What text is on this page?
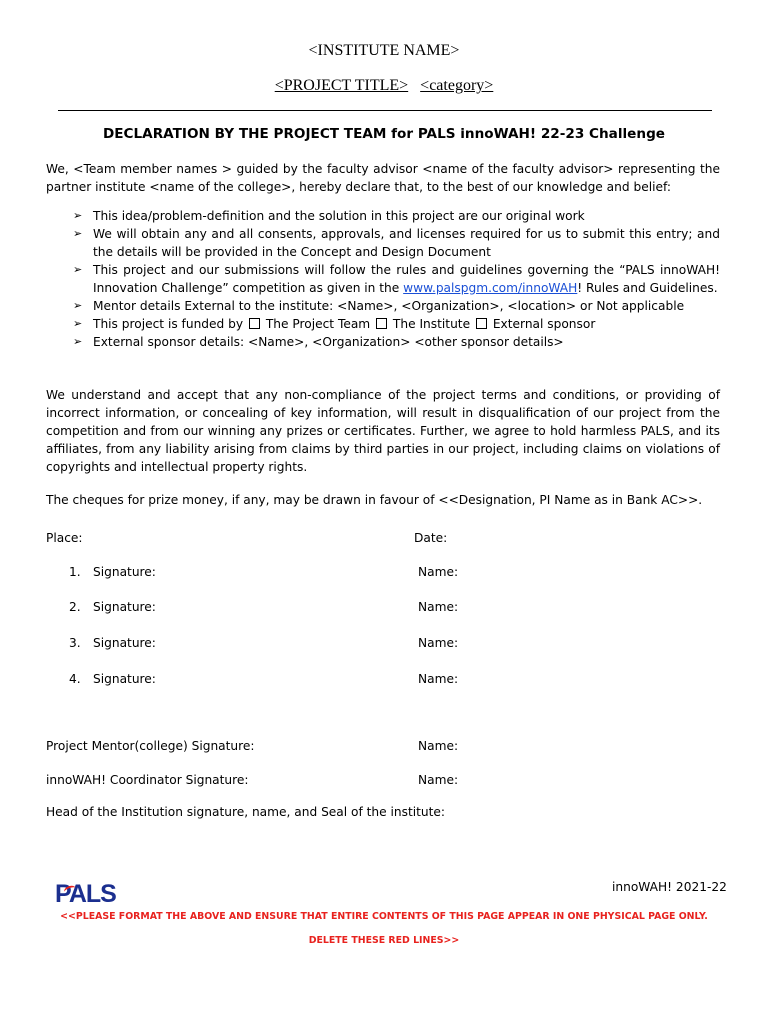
<INSTITUTE NAME>
<PROJECT TITLE> <category>
DECLARATION BY THE PROJECT TEAM for PALS innoWAH! 22-23 Challenge
We, <Team member names > guided by the faculty advisor <name of the faculty advisor> representing the partner institute <name of the college>, hereby declare that, to the best of our knowledge and belief:
➢ This idea/problem-definition and the solution in this project are our original work
➢ We will obtain any and all consents, approvals, and licenses required for us to submit this entry; and the details will be provided in the Concept and Design Document
➢ This project and our submissions will follow the rules and guidelines governing the “PALS innoWAH! Innovation Challenge” competition as given in the www.palspgm.com/innoWAH! Rules and Guidelines.
➢ Mentor details External to the institute: <Name>, <Organization>, <location> or Not applicable
➢ This project is funded by  The Project Team  The Institute  External sponsor
➢ External sponsor details: <Name>, <Organization> <other sponsor details>
We understand and accept that any non-compliance of the project terms and conditions, or providing of incorrect information, or concealing of key information, will result in disqualification of our project from the competition and from our winning any prizes or certificates. Further, we agree to hold harmless PALS, and its affiliates, from any liability arising from claims by third parties in our project, including claims on violations of copyrights and intellectual property rights.
The cheques for prize money, if any, may be drawn in favour of <<Designation, PI Name as in Bank AC>>.
Place:	Date:
1. Signature:	Name:
2. Signature:	Name:
3. Signature:	Name:
4. Signature:	Name:
Project Mentor(college) Signature:	Name:
innoWAH! Coordinator Signature:	Name:
Head of the Institution signature, name, and Seal of the institute:
PALS	innoWAH! 2021-22
<<PLEASE FORMAT THE ABOVE AND ENSURE THAT ENTIRE CONTENTS OF THIS PAGE APPEAR IN ONE PHYSICAL PAGE ONLY.
DELETE THESE RED LINES>>
